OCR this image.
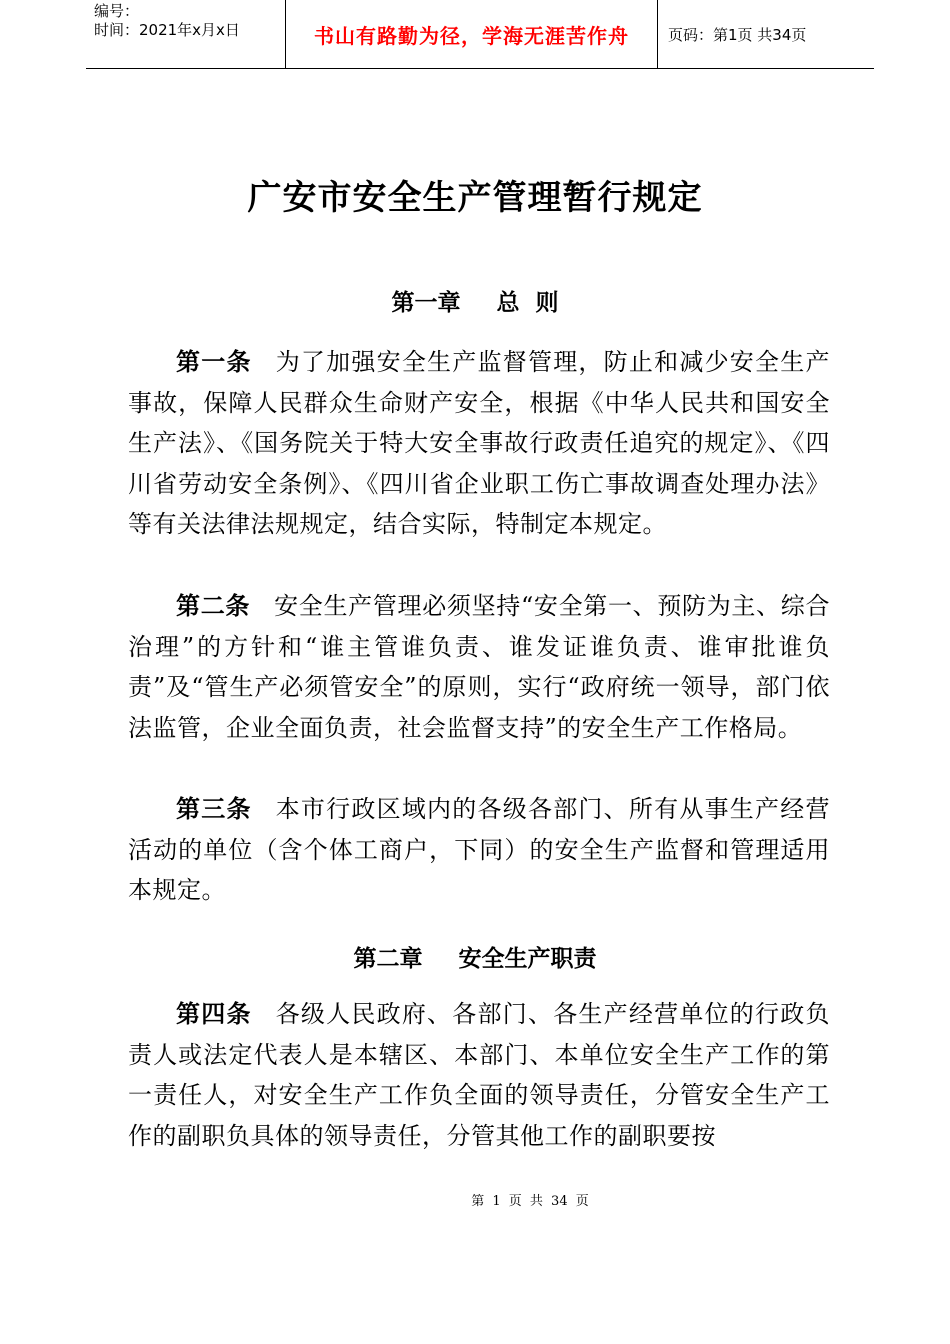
编号：
时间：2021年x月x日	书山有路勤为径，学海无涯苦作舟	页码：第1页 共34页
广安市安全生产管理暂行规定
第一章 总  则
第一条 为了加强安全生产监督管理，防止和减少安全生产事故，保障人民群众生命财产安全，根据《中华人民共和国安全生产法》、《国务院关于特大安全事故行政责任追究的规定》、《四川省劳动安全条例》、《四川省企业职工伤亡事故调查处理办法》等有关法律法规规定，结合实际，特制定本规定。
第二条 安全生产管理必须坚持“安全第一、预防为主、综合治理”的方针和“谁主管谁负责、谁发证谁负责、谁审批谁负责”及“管生产必须管安全”的原则，实行“政府统一领导，部门依法监管，企业全面负责，社会监督支持”的安全生产工作格局。
第三条 本市行政区域内的各级各部门、所有从事生产经营活动的单位（含个体工商户，下同）的安全生产监督和管理适用本规定。
第二章 安全生产职责
第四条 各级人民政府、各部门、各生产经营单位的行政负责人或法定代表人是本辖区、本部门、本单位安全生产工作的第一责任人，对安全生产工作负全面的领导责任，分管安全生产工作的副职负具体的领导责任，分管其他工作的副职要按
第 1 页 共 34 页
